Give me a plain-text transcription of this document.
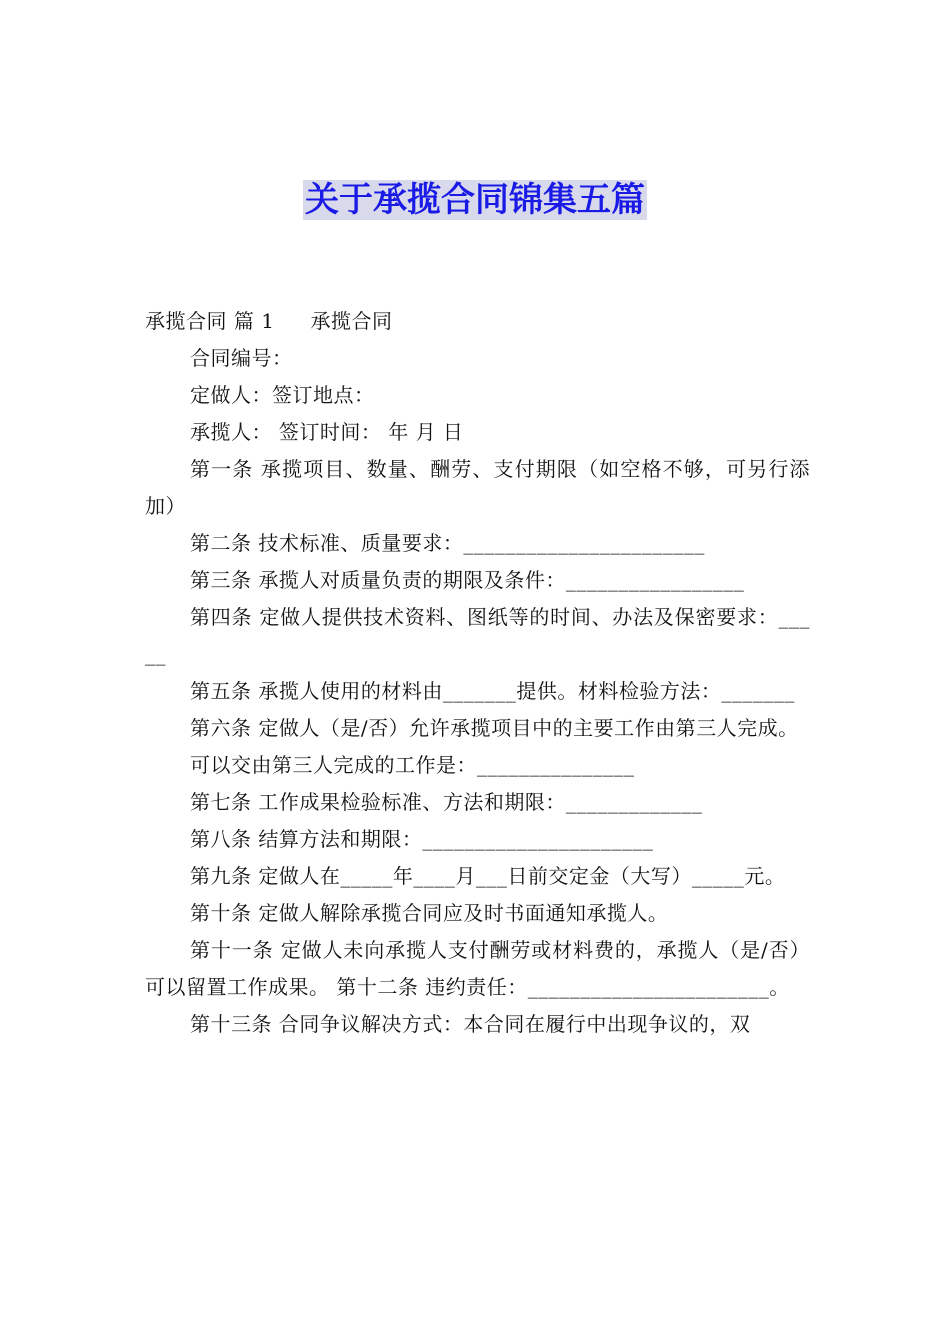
关于承揽合同锦集五篇

承揽合同 篇 1 承揽合同

合同编号：

定做人：签订地点：

承揽人： 签订时间： 年 月 日

第一条 承揽项目、数量、酬劳、支付期限（如空格不够，可另行添加）

第二条 技术标准、质量要求：_______________________

第三条 承揽人对质量负责的期限及条件：_________________

第四条 定做人提供技术资料、图纸等的时间、办法及保密要求：_____

第五条 承揽人使用的材料由_______提供。材料检验方法：_______

第六条 定做人（是/否）允许承揽项目中的主要工作由第三人完成。

可以交由第三人完成的工作是：_______________

第七条 工作成果检验标准、方法和期限：_____________

第八条 结算方法和期限：______________________

第九条 定做人在_____年____月___日前交定金（大写）_____元。

第十条 定做人解除承揽合同应及时书面通知承揽人。

第十一条 定做人未向承揽人支付酬劳或材料费的，承揽人（是/否）可以留置工作成果。 第十二条 违约责任：_______________________。

第十三条 合同争议解决方式：本合同在履行中出现争议的，双
